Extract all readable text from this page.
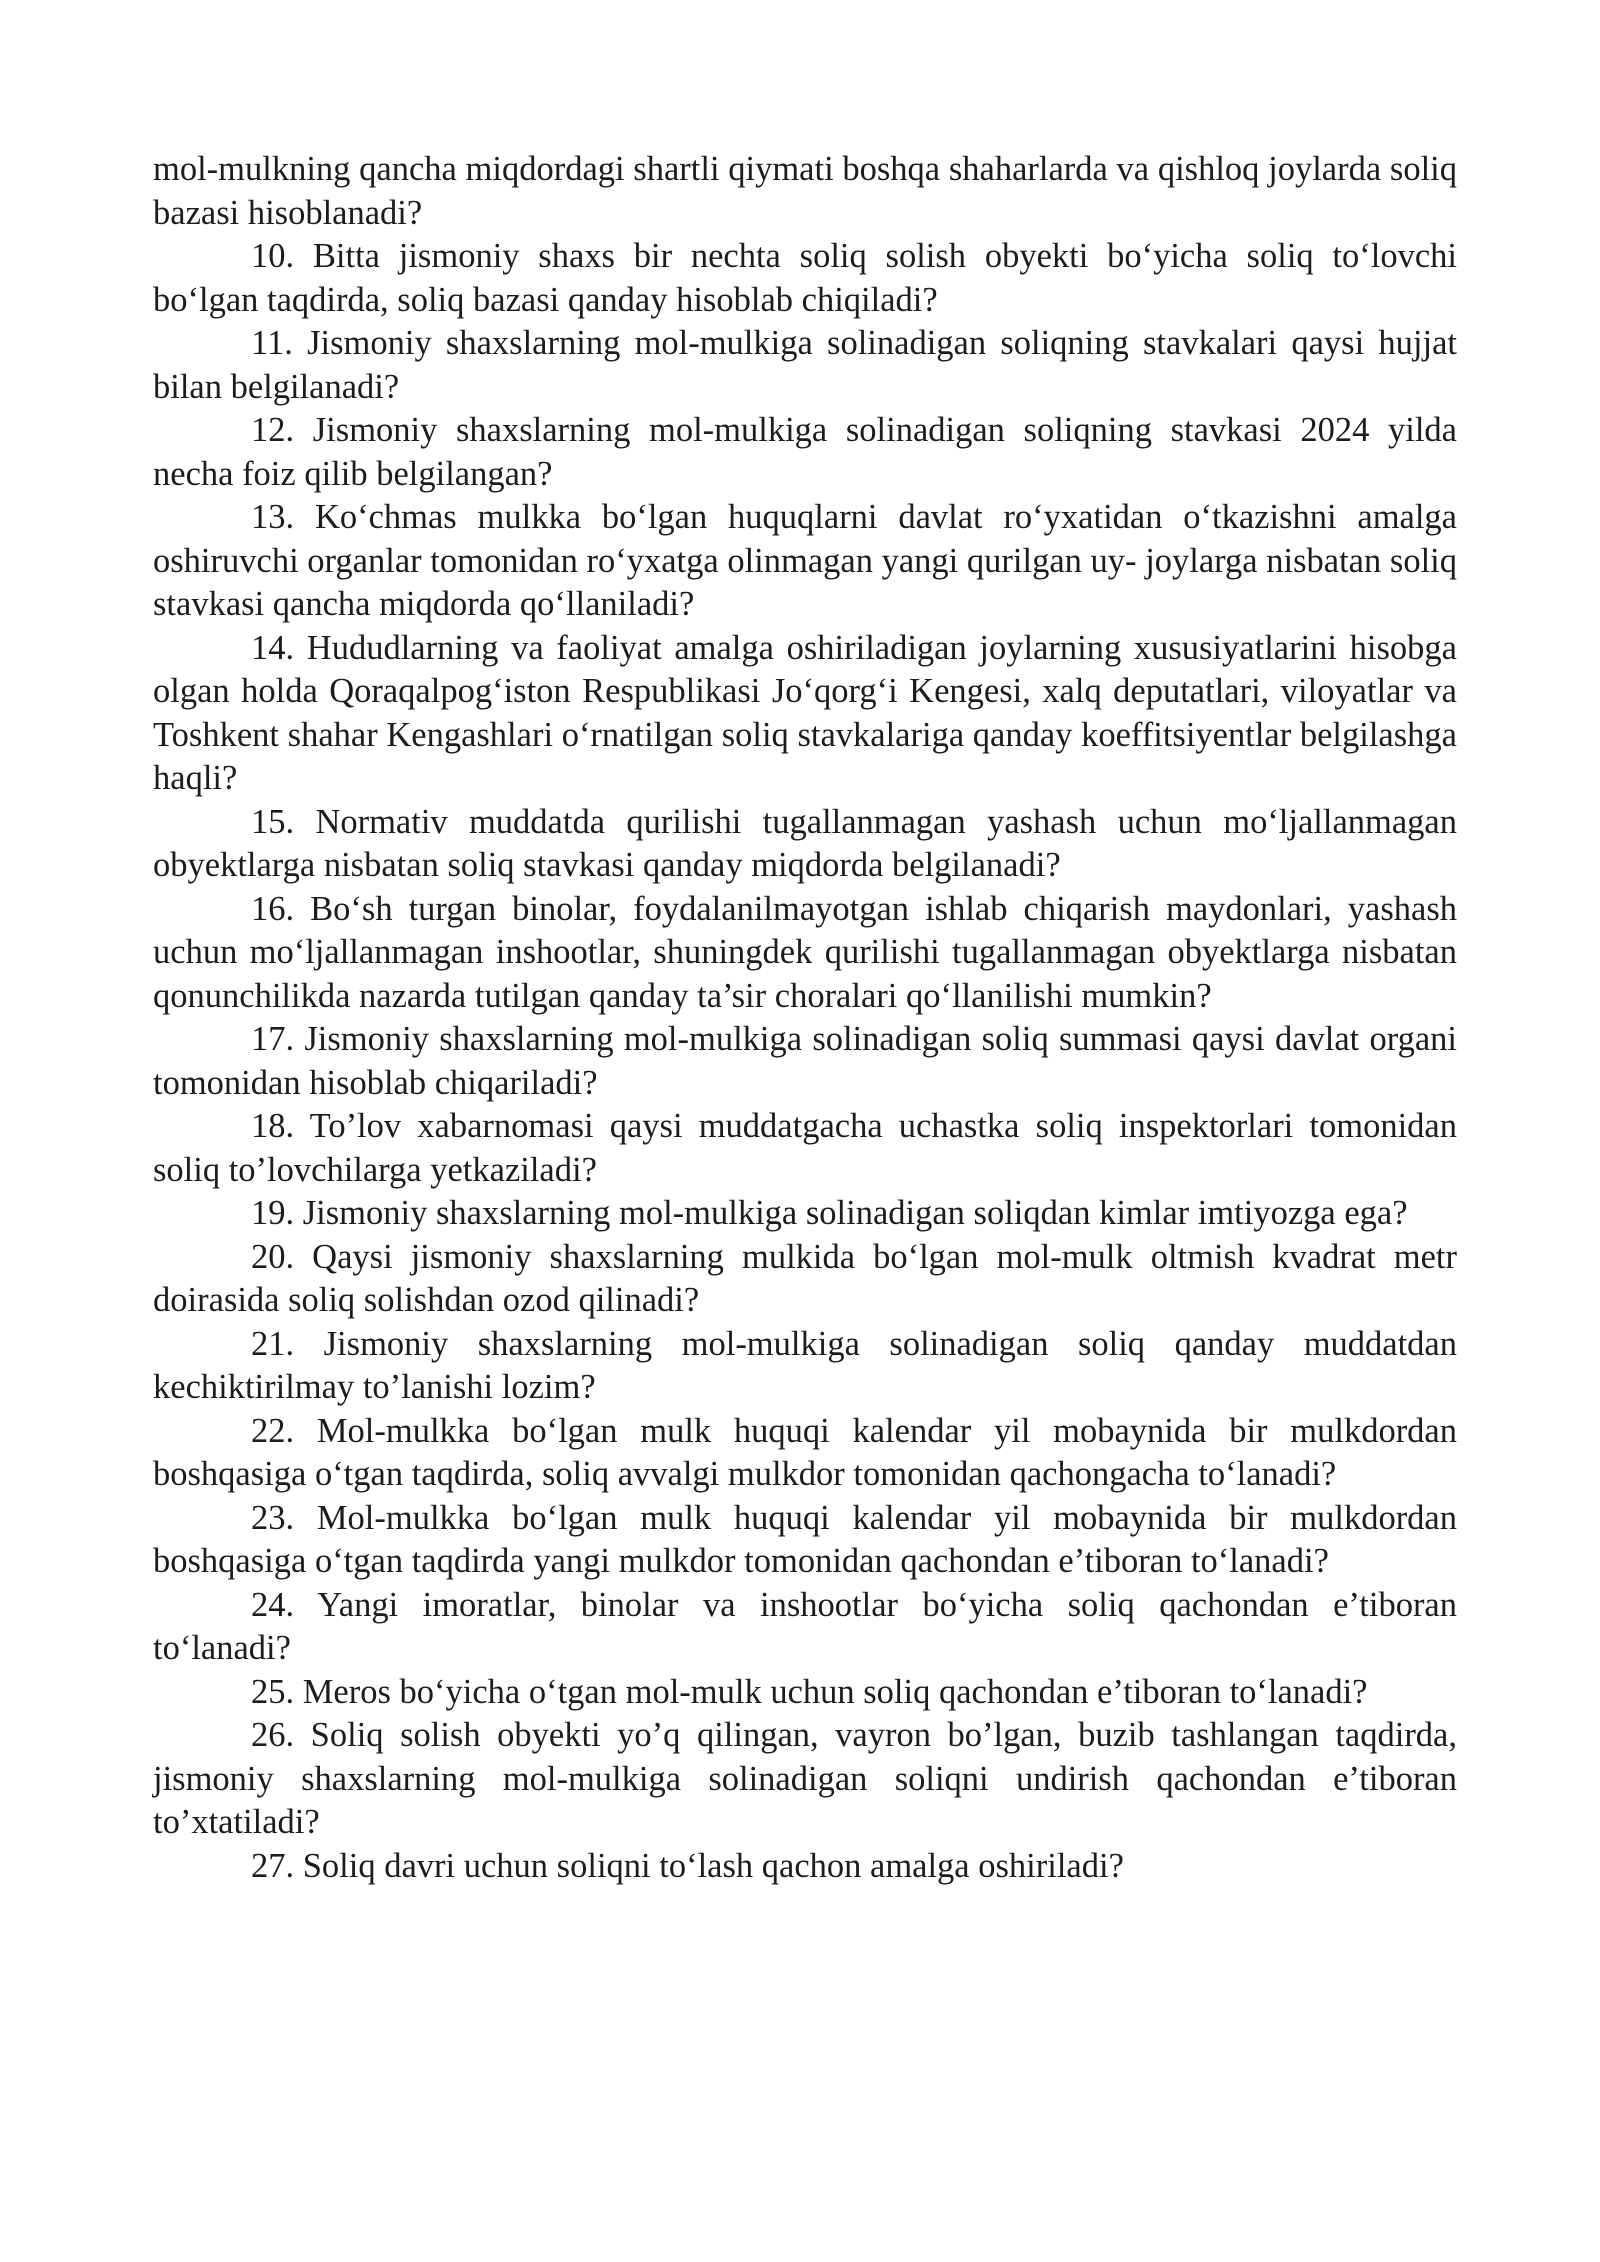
mol-mulkning qancha miqdordagi shartli qiymati boshqa shaharlarda va qishloq joylarda soliq bazasi hisoblanadi?

10. Bitta jismoniy shaxs bir nechta soliq solish obyekti bo‘yicha soliq to‘lovchi bo‘lgan taqdirda, soliq bazasi qanday hisoblab chiqiladi?

11. Jismoniy shaxslarning mol-mulkiga solinadigan soliqning stavkalari qaysi hujjat bilan belgilanadi?

12. Jismoniy shaxslarning mol-mulkiga solinadigan soliqning stavkasi 2024 yilda necha foiz qilib belgilangan?

13. Ko‘chmas mulkka bo‘lgan huquqlarni davlat ro‘yxatidan o‘tkazishni amalga oshiruvchi organlar tomonidan ro‘yxatga olinmagan yangi qurilgan uy- joylarga nisbatan soliq stavkasi qancha miqdorda qo‘llaniladi?

14. Hududlarning va faoliyat amalga oshiriladigan joylarning xususiyatlarini hisobga olgan holda Qoraqalpog‘iston Respublikasi Jo‘qorg‘i Kengesi, xalq deputatlari, viloyatlar va Toshkent shahar Kengashlari o‘rnatilgan soliq stavkalariga qanday koeffitsiyentlar belgilashga haqli?

15. Normativ muddatda qurilishi tugallanmagan yashash uchun mo‘ljallanmagan obyektlarga nisbatan soliq stavkasi qanday miqdorda belgilanadi?

16. Bo‘sh turgan binolar, foydalanilmayotgan ishlab chiqarish maydonlari, yashash uchun mo‘ljallanmagan inshootlar, shuningdek qurilishi tugallanmagan obyektlarga nisbatan qonunchilikda nazarda tutilgan qanday ta’sir choralari qo‘llanilishi mumkin?

17. Jismoniy shaxslarning mol-mulkiga solinadigan soliq summasi qaysi davlat organi tomonidan hisoblab chiqariladi?

18. To’lov xabarnomasi qaysi muddatgacha uchastka soliq inspektorlari tomonidan soliq to’lovchilarga yetkaziladi?

19. Jismoniy shaxslarning mol-mulkiga solinadigan soliqdan kimlar imtiyozga ega?

20. Qaysi jismoniy shaxslarning mulkida bo‘lgan mol-mulk oltmish kvadrat metr doirasida soliq solishdan ozod qilinadi?

21. Jismoniy shaxslarning mol-mulkiga solinadigan soliq qanday muddatdan kechiktirilmay to’lanishi lozim?

22. Mol-mulkka bo‘lgan mulk huquqi kalendar yil mobaynida bir mulkdordan boshqasiga o‘tgan taqdirda, soliq avvalgi mulkdor tomonidan qachongacha to‘lanadi?

23. Mol-mulkka bo‘lgan mulk huquqi kalendar yil mobaynida bir mulkdordan boshqasiga o‘tgan taqdirda yangi mulkdor tomonidan qachondan e’tiboran to‘lanadi?

24. Yangi imoratlar, binolar va inshootlar bo‘yicha soliq qachondan e’tiboran to‘lanadi?

25. Meros bo‘yicha o‘tgan mol-mulk uchun soliq qachondan e’tiboran to‘lanadi?

26. Soliq solish obyekti yo’q qilingan, vayron bo’lgan, buzib tashlangan taqdirda, jismoniy shaxslarning mol-mulkiga solinadigan soliqni undirish qachondan e’tiboran to’xtatiladi?

27. Soliq davri uchun soliqni to‘lash qachon amalga oshiriladi?
